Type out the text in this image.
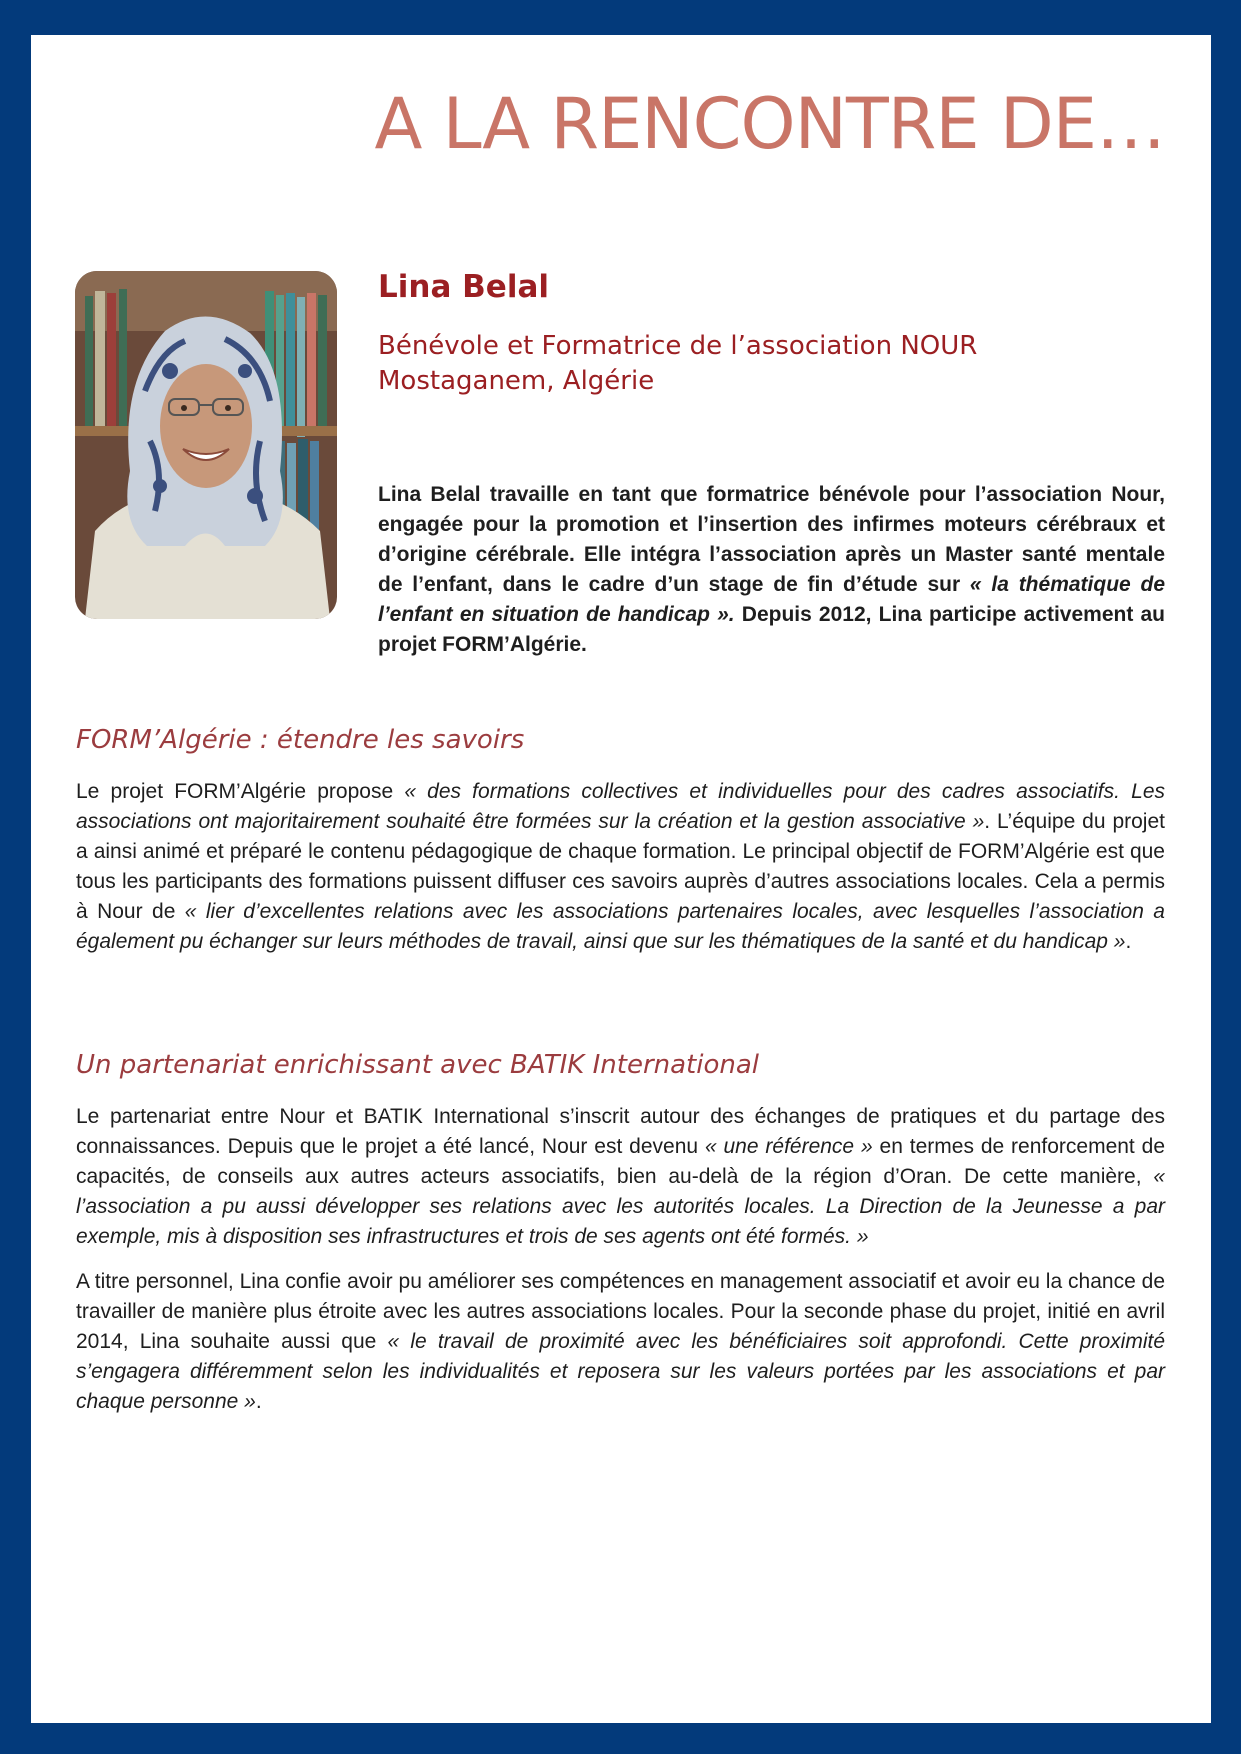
A LA RENCONTRE DE…
Lina Belal

Bénévole et Formatrice de l’association NOUR
Mostaganem, Algérie

Lina Belal travaille en tant que formatrice bénévole pour l’association Nour, engagée pour la promotion et l’insertion des infirmes moteurs cérébraux et d’origine cérébrale. Elle intégra l’association après un Master santé mentale de l’enfant, dans le cadre d’un stage de fin d’étude sur « la thématique de l’enfant en situation de handicap ». Depuis 2012, Lina participe activement au projet FORM’Algérie.

FORM’Algérie : étendre les savoirs

Le projet FORM’Algérie propose « des formations collectives et individuelles pour des cadres associatifs. Les associations ont majoritairement souhaité être formées sur la création et la gestion associative ». L’équipe du projet a ainsi animé et préparé le contenu pédagogique de chaque formation. Le principal objectif de FORM’Algérie est que tous les participants des formations puissent diffuser ces savoirs auprès d’autres associations locales. Cela a permis à Nour de « lier d’excellentes relations avec les associations partenaires locales, avec lesquelles l’association a également pu échanger sur leurs méthodes de travail, ainsi que sur les thématiques de la santé et du handicap ».

Un partenariat enrichissant avec BATIK International

Le partenariat entre Nour et BATIK International s’inscrit autour des échanges de pratiques et du partage des connaissances. Depuis que le projet a été lancé, Nour est devenu « une référence » en termes de renforcement de capacités, de conseils aux autres acteurs associatifs, bien au-delà de la région d’Oran. De cette manière, « l’association a pu aussi développer ses relations avec les autorités locales. La Direction de la Jeunesse a par exemple, mis à disposition ses infrastructures et trois de ses agents ont été formés. »

A titre personnel, Lina confie avoir pu améliorer ses compétences en management associatif et avoir eu la chance de travailler de manière plus étroite avec les autres associations locales. Pour la seconde phase du projet, initié en avril 2014, Lina souhaite aussi que « le travail de proximité avec les bénéficiaires soit approfondi. Cette proximité s’engagera différemment selon les individualités et reposera sur les valeurs portées par les associations et par chaque personne ».
